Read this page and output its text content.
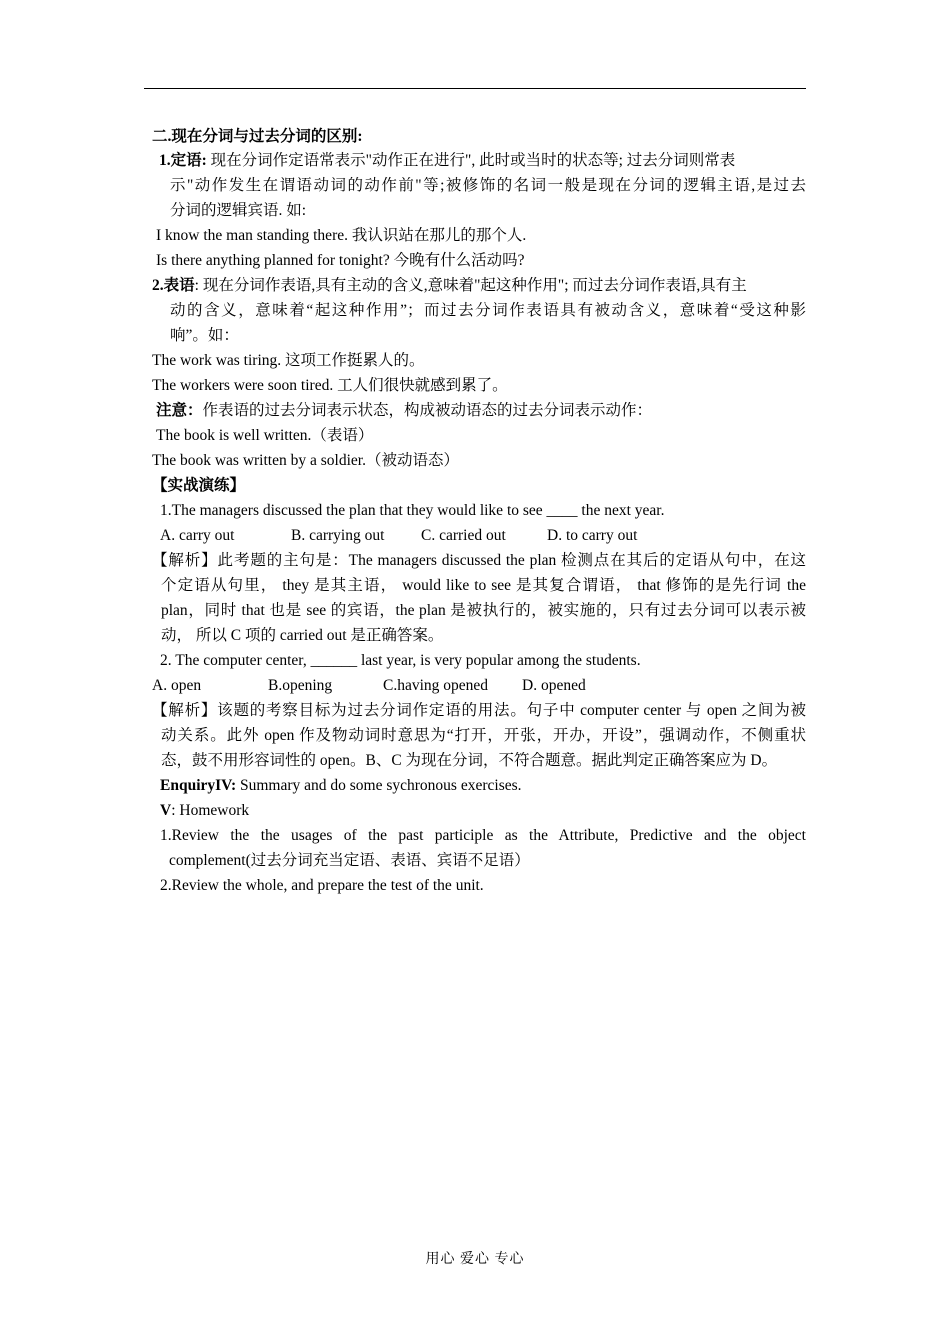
二.现在分词与过去分词的区别:
1.定语: 现在分词作定语常表示"动作正在进行", 此时或当时的状态等; 过去分词则常表
示"动作发生在谓语动词的动作前"等;被修饰的名词一般是现在分词的逻辑主语,是过去
分词的逻辑宾语. 如:
I know the man standing there. 我认识站在那儿的那个人.
Is there anything planned for tonight? 今晚有什么活动吗?
2.表语: 现在分词作表语,具有主动的含义,意味着"起这种作用"; 而过去分词作表语,具有主
动的含义，意味着“起这种作用”；而过去分词作表语具有被动含义，意味着“受这种影
响”。如：
The work was tiring. 这项工作挺累人的。
The workers were soon tired. 工人们很快就感到累了。
注意：作表语的过去分词表示状态，构成被动语态的过去分词表示动作：
The book is well written.（表语）
The book was written by a soldier.（被动语态）
【实战演练】
1.The managers discussed the plan that they would like to see ____ the next year.
A. carry out	B. carrying out C. carried out	D. to carry out
【解析】此考题的主句是：The managers discussed the plan 检测点在其后的定语从句中，在这
个定语从句里， they 是其主语， would like to see 是其复合谓语， that 修饰的是先行词 the
plan，同时 that 也是 see 的宾语，the plan 是被执行的，被实施的，只有过去分词可以表示被
动， 所以 C 项的 carried out 是正确答案。
2. The computer center, ______ last year, is very popular among the students.
A. open	B.opening	C.having opened D. opened
【解析】该题的考察目标为过去分词作定语的用法。句子中 computer center 与 open 之间为被
动关系。此外 open 作及物动词时意思为“打开，开张，开办，开设”，强调动作，不侧重状
态，鼓不用形容词性的 open。B、C 为现在分词，不符合题意。据此判定正确答案应为 D。
EnquiryIV: Summary and do some sychronous exercises.
V: Homework
1.Review the the usages of the past participle as the Attribute, Predictive and the object
complement(过去分词充当定语、表语、宾语不足语）
2.Review the whole, and prepare the test of the unit.
用心 爱心 专心
